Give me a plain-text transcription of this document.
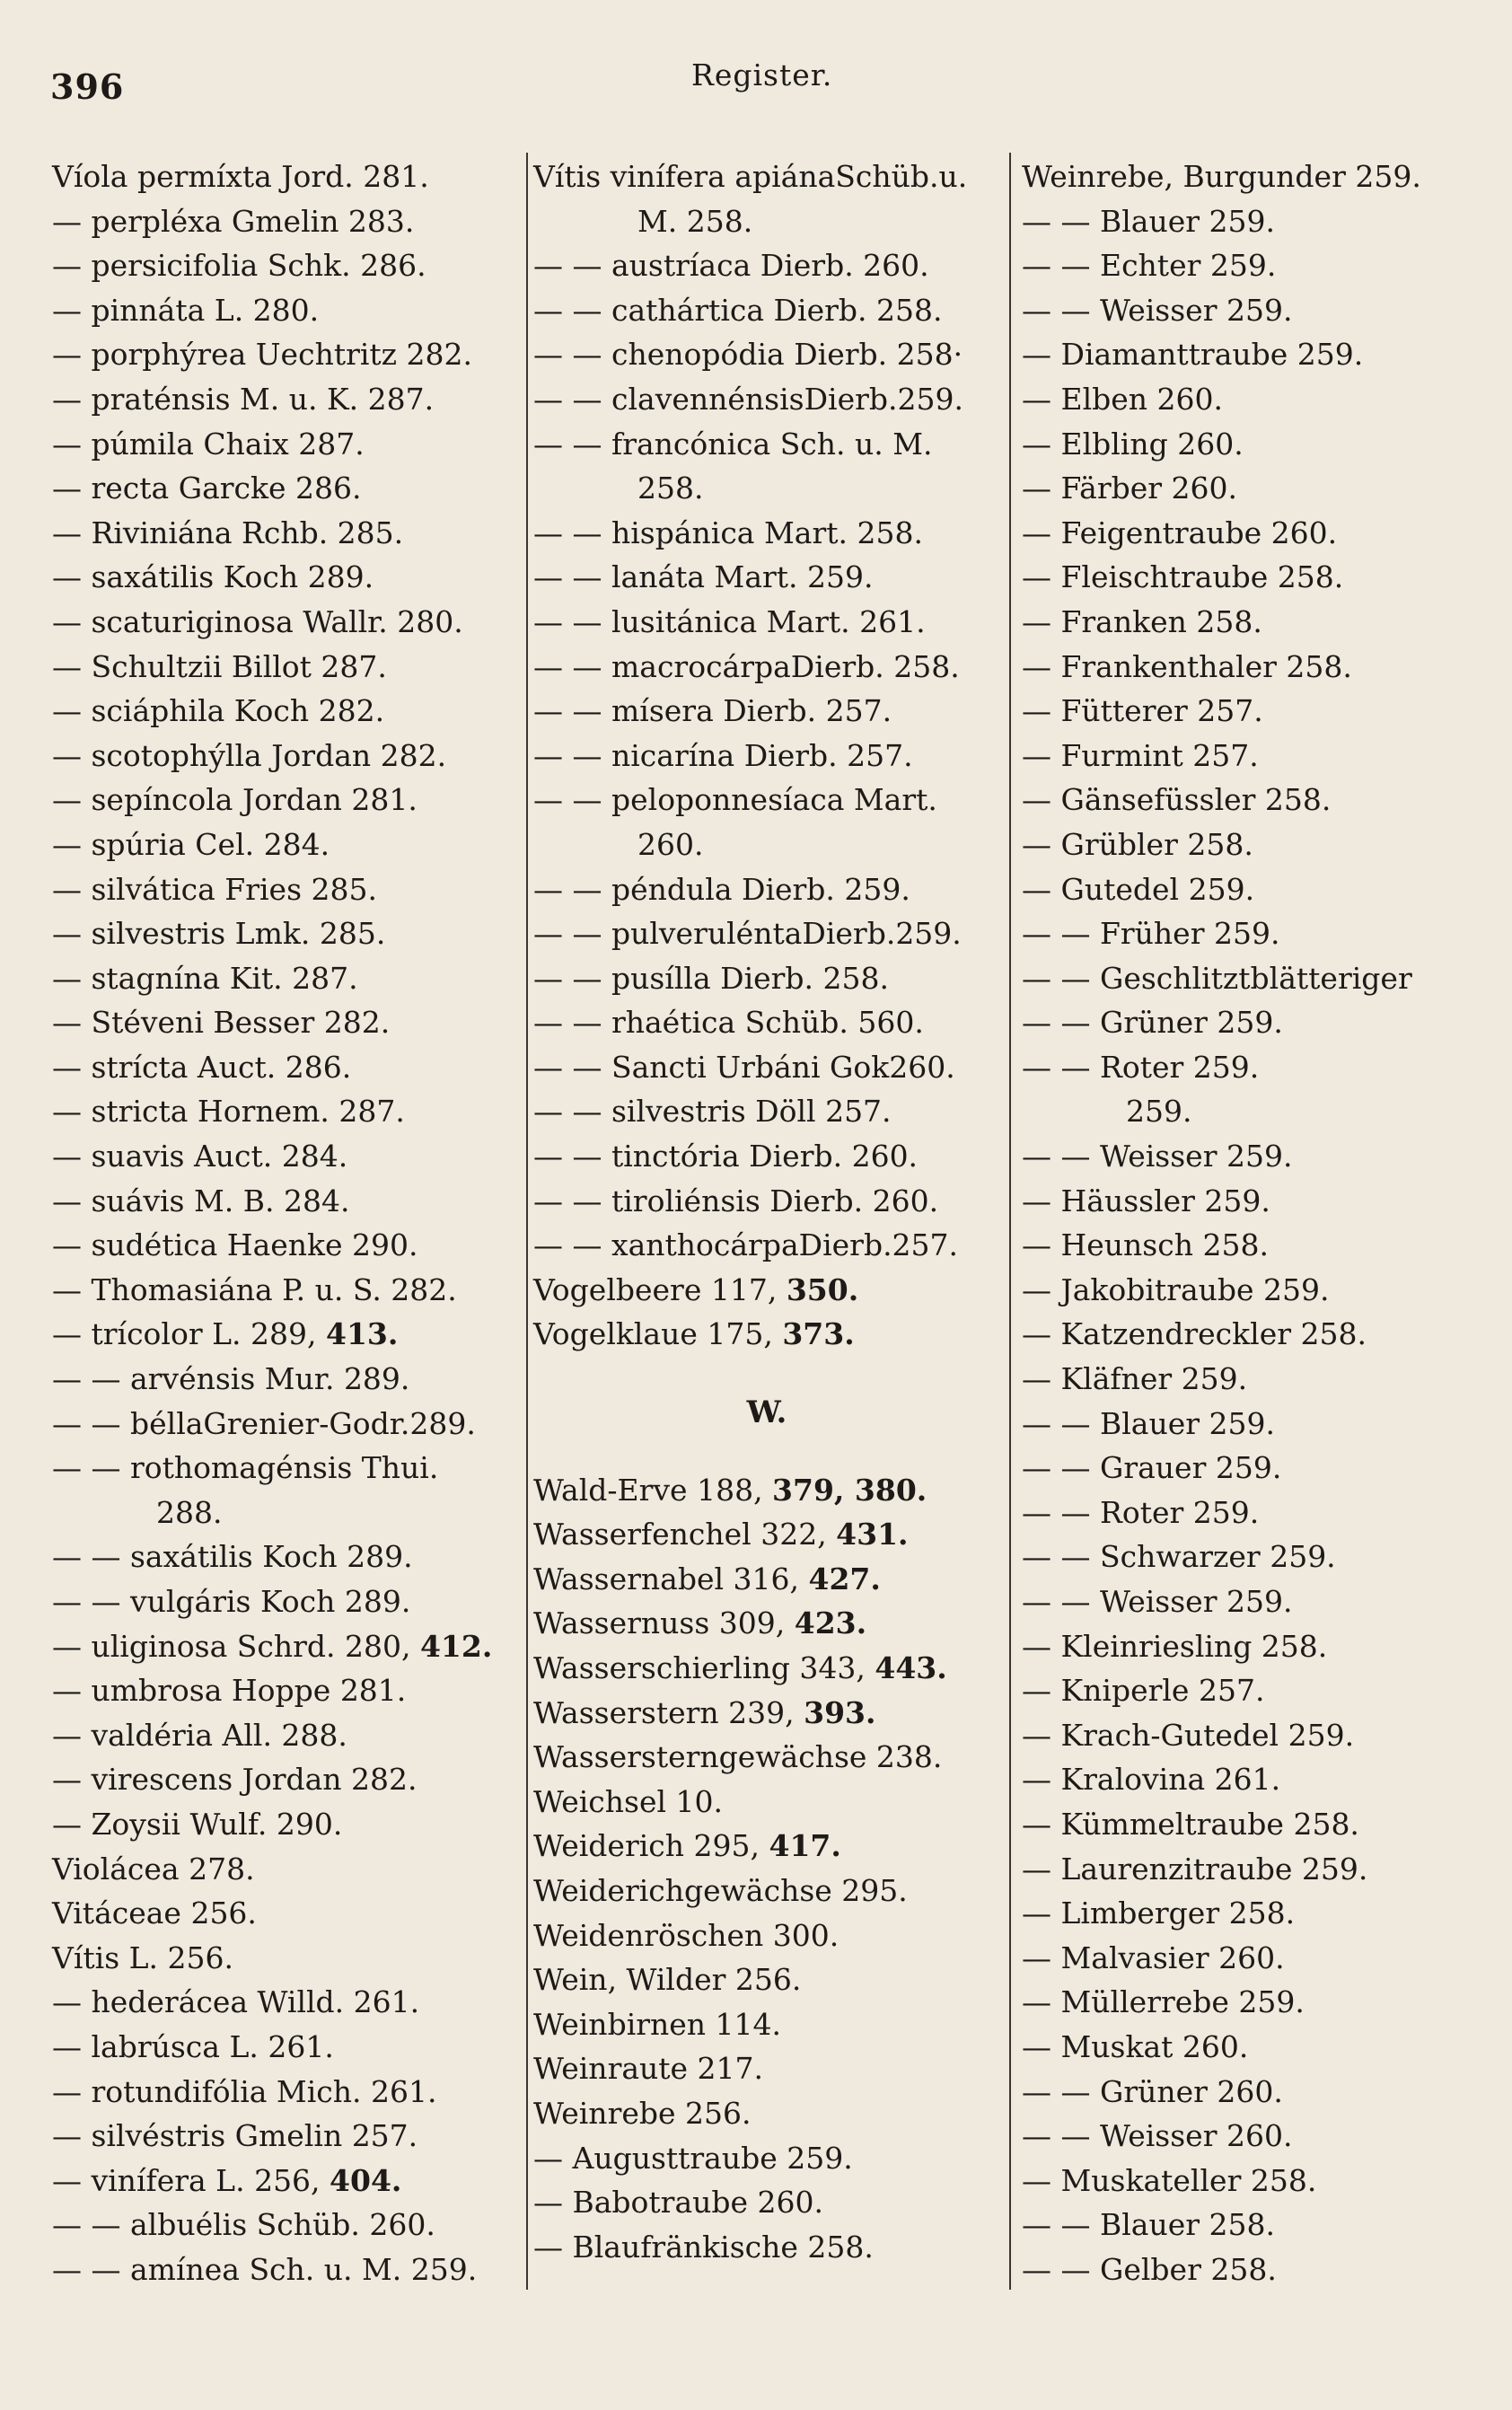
396	Register.
Víola permíxta Jord. 281.
— perpléxa Gmelin 283.
— persicifolia Schk. 286.
— pinnáta L. 280.
— porphýrea Uechtritz 282.
— praténsis M. u. K. 287.
— púmila Chaix 287.
— recta Garcke 286.
— Riviniána Rchb. 285.
— saxátilis Koch 289.
— scaturiginosa Wallr. 280.
— Schultzii Billot 287.
— sciáphila Koch 282.
— scotophýlla Jordan 282.
— sepíncola Jordan 281.
— spúria Cel. 284.
— silvática Fries 285.
— silvestris Lmk. 285.
— stagnína Kit. 287.
— Stéveni Besser 282.
— strícta Auct. 286.
— stricta Hornem. 287.
— suavis Auct. 284.
— suávis M. B. 284.
— sudética Haenke 290.
— Thomasiána P. u. S. 282.
— trícolor L. 289, 413.
— — arvénsis Mur. 289.
— — béllaGrenier-Godr.289.
— — rothomagénsis Thui.
288.
— — saxátilis Koch 289.
— — vulgáris Koch 289.
— uliginosa Schrd. 280, 412.
— umbrosa Hoppe 281.
— valdéria All. 288.
— virescens Jordan 282.
— Zoysii Wulf. 290.
Violácea 278.
Vitáceae 256.
Vítis L. 256.
— hederácea Willd. 261.
— labrúsca L. 261.
— rotundifólia Mich. 261.
— silvéstris Gmelin 257.
— vinífera L. 256, 404.
— — albuélis Schüb. 260.
— — amínea Sch. u. M. 259.
Vítis vinífera apiánaSchüb.u.
M. 258.
— — austríaca Dierb. 260.
— — cathártica Dierb. 258.
— — chenopódia Dierb. 258·
— — clavennénsisDierb.259.
— — francónica Sch. u. M.
258.
— — hispánica Mart. 258.
— — lanáta Mart. 259.
— — lusitánica Mart. 261.
— — macrocárpaDierb. 258.
— — mísera Dierb. 257.
— — nicarína Dierb. 257.
— — peloponnesíaca Mart.
260.
— — péndula Dierb. 259.
— — pulveruléntaDierb.259.
— — pusílla Dierb. 258.
— — rhaética Schüb. 560.
— — Sancti Urbáni Gok260.
— — silvestris Döll 257.
— — tinctória Dierb. 260.
— — tiroliénsis Dierb. 260.
— — xanthocárpaDierb.257.
Vogelbeere 117, 350.
Vogelklaue 175, 373.
W.
Wald-Erve 188, 379, 380.
Wasserfenchel 322, 431.
Wassernabel 316, 427.
Wassernuss 309, 423.
Wasserschierling 343, 443.
Wasserstern 239, 393.
Wassersterngewächse 238.
Weichsel 10.
Weiderich 295, 417.
Weiderichgewächse 295.
Weidenröschen 300.
Wein, Wilder 256.
Weinbirnen 114.
Weinraute 217.
Weinrebe 256.
— Augusttraube 259.
— Babotraube 260.
— Blaufränkische 258.
Weinrebe, Burgunder 259.
— — Blauer 259.
— — Echter 259.
— — Weisser 259.
— Diamanttraube 259.
— Elben 260.
— Elbling 260.
— Färber 260.
— Feigentraube 260.
— Fleischtraube 258.
— Franken 258.
— Frankenthaler 258.
— Fütterer 257.
— Furmint 257.
— Gänsefüssler 258.
— Grübler 258.
— Gutedel 259.
— — Früher 259.
— — Geschlitztblätteriger
— — Grüner 259.
— — Roter 259.
259.
— — Weisser 259.
— Häussler 259.
— Heunsch 258.
— Jakobitraube 259.
— Katzendreckler 258.
— Kläfner 259.
— — Blauer 259.
— — Grauer 259.
— — Roter 259.
— — Schwarzer 259.
— — Weisser 259.
— Kleinriesling 258.
— Kniperle 257.
— Krach-Gutedel 259.
— Kralovina 261.
— Kümmeltraube 258.
— Laurenzitraube 259.
— Limberger 258.
— Malvasier 260.
— Müllerrebe 259.
— Muskat 260.
— — Grüner 260.
— — Weisser 260.
— Muskateller 258.
— — Blauer 258.
— — Gelber 258.
